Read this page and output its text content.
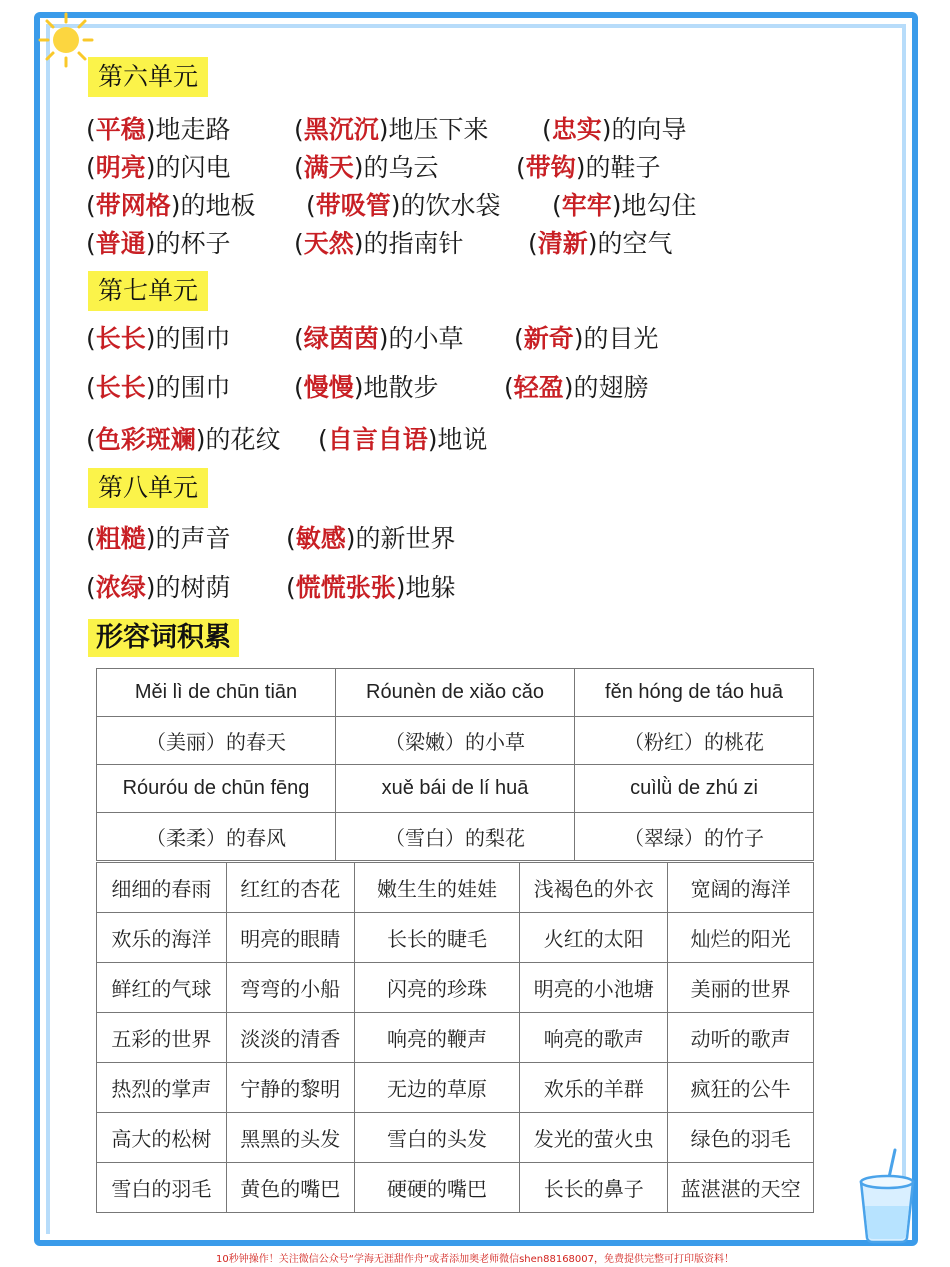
第六单元
(平稳)地走路	(黑沉沉)地压下来 (忠实)的向导
(明亮)的闪电	(满天)的乌云	(带钩)的鞋子
(带网格)的地板 (带吸管)的饮水袋 (牢牢)地勾住
(普通)的杯子	(天然)的指南针	(清新)的空气
第七单元
(长长)的围巾	(绿茵茵)的小草 (新奇)的目光
(长长)的围巾	(慢慢)地散步	(轻盈)的翅膀
(色彩斑斓)的花纹 (自言自语)地说
第八单元
(粗糙)的声音 (敏感)的新世界
(浓绿)的树荫 (慌慌张张)地躲
形容词积累
Měi lì de chūn tiān	Róunèn de xiǎo cǎo	fěn hóng de táo huā
（美丽）的春天	（梁嫩）的小草	（粉红）的桃花
Róuróu de chūn fēng	xuě bái de lí huā	cuìlǜ de zhú zi
（柔柔）的春风	（雪白）的梨花	（翠绿）的竹子
细细的春雨	红红的杏花	嫩生生的娃娃	浅褐色的外衣	宽阔的海洋
欢乐的海洋	明亮的眼睛	长长的睫毛	火红的太阳	灿烂的阳光
鲜红的气球	弯弯的小船	闪亮的珍珠	明亮的小池塘	美丽的世界
五彩的世界	淡淡的清香	响亮的鞭声	响亮的歌声	动听的歌声
热烈的掌声	宁静的黎明	无边的草原	欢乐的羊群	疯狂的公牛
高大的松树	黑黑的头发	雪白的头发	发光的萤火虫	绿色的羽毛
雪白的羽毛	黄色的嘴巴	硬硬的嘴巴	长长的鼻子	蓝湛湛的天空
10秒钟操作！关注微信公众号“学海无涯甜作舟”或者添加奥老师微信shen88168007，免费提供完整可打印版资料！
